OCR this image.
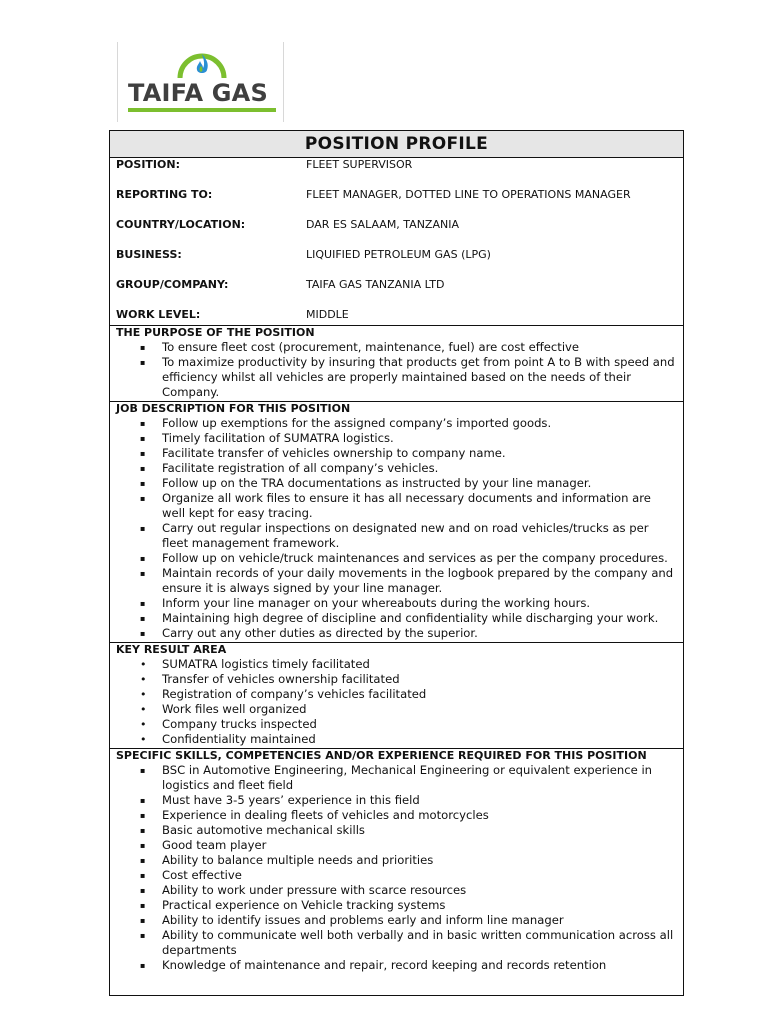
TAIFA GAS
POSITION PROFILE
POSITION:	FLEET SUPERVISOR
REPORTING TO:	FLEET MANAGER, DOTTED LINE TO OPERATIONS MANAGER
COUNTRY/LOCATION:	DAR ES SALAAM, TANZANIA
BUSINESS:	LIQUIFIED PETROLEUM GAS (LPG)
GROUP/COMPANY:	TAIFA GAS TANZANIA LTD
WORK LEVEL:	MIDDLE
THE PURPOSE OF THE POSITION
▪ To ensure fleet cost (procurement, maintenance, fuel) are cost effective
▪ To maximize productivity by insuring that products get from point A to B with speed and efficiency whilst all vehicles are properly maintained based on the needs of their Company.
JOB DESCRIPTION FOR THIS POSITION
▪ Follow up exemptions for the assigned company’s imported goods.
▪ Timely facilitation of SUMATRA logistics.
▪ Facilitate transfer of vehicles ownership to company name.
▪ Facilitate registration of all company’s vehicles.
▪ Follow up on the TRA documentations as instructed by your line manager.
▪ Organize all work files to ensure it has all necessary documents and information are well kept for easy tracing.
▪ Carry out regular inspections on designated new and on road vehicles/trucks as per fleet management framework.
▪ Follow up on vehicle/truck maintenances and services as per the company procedures.
▪ Maintain records of your daily movements in the logbook prepared by the company and ensure it is always signed by your line manager.
▪ Inform your line manager on your whereabouts during the working hours.
▪ Maintaining high degree of discipline and confidentiality while discharging your work.
▪ Carry out any other duties as directed by the superior.
KEY RESULT AREA
• SUMATRA logistics timely facilitated
• Transfer of vehicles ownership facilitated
• Registration of company’s vehicles facilitated
• Work files well organized
• Company trucks inspected
• Confidentiality maintained
SPECIFIC SKILLS, COMPETENCIES AND/OR EXPERIENCE REQUIRED FOR THIS POSITION
▪ BSC in Automotive Engineering, Mechanical Engineering or equivalent experience in logistics and fleet field
▪ Must have 3-5 years’ experience in this field
▪ Experience in dealing fleets of vehicles and motorcycles
▪ Basic automotive mechanical skills
▪ Good team player
▪ Ability to balance multiple needs and priorities
▪ Cost effective
▪ Ability to work under pressure with scarce resources
▪ Practical experience on Vehicle tracking systems
▪ Ability to identify issues and problems early and inform line manager
▪ Ability to communicate well both verbally and in basic written communication across all departments
▪ Knowledge of maintenance and repair, record keeping and records retention
